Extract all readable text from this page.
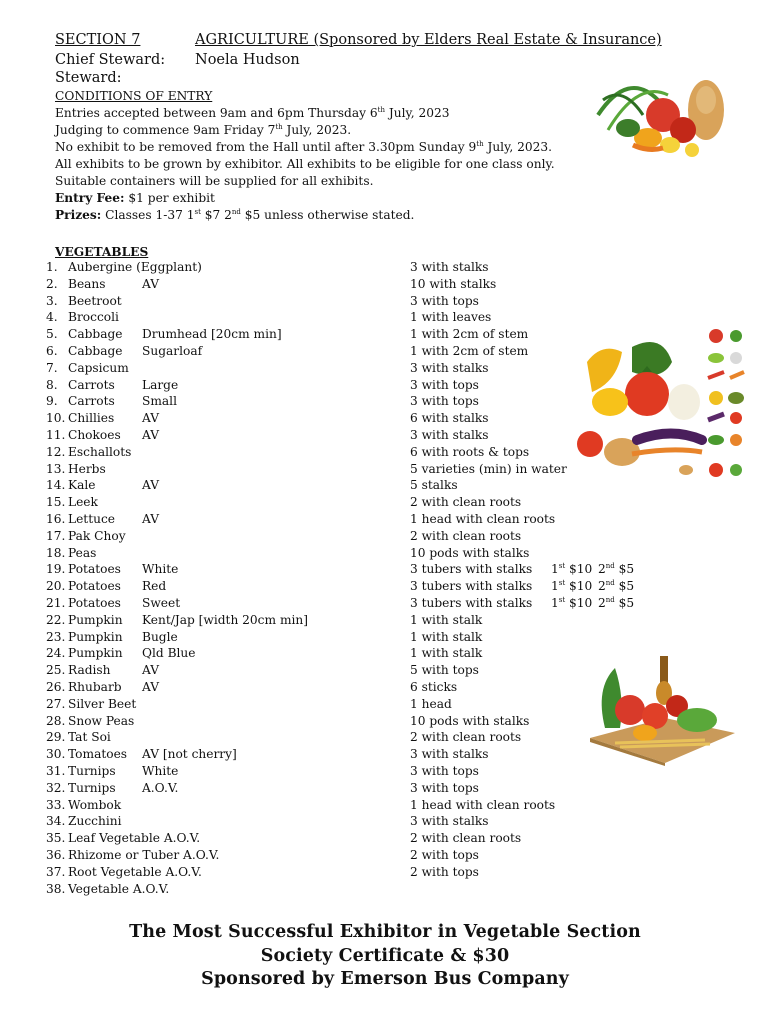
SECTION 7	AGRICULTURE (Sponsored by Elders Real Estate & Insurance)
Chief Steward: Noela Hudson
Steward:
CONDITIONS OF ENTRY
Entries accepted between 9am and 6pm Thursday 6th July, 2023
Judging to commence 9am Friday 7th July, 2023.
No exhibit to be removed from the Hall until after 3.30pm Sunday 9th July, 2023.
All exhibits to be grown by exhibitor. All exhibits to be eligible for one class only.
Suitable containers will be supplied for all exhibits.
Entry Fee: $1 per exhibit
Prizes: Classes 1-37 1st $7 2nd $5 unless otherwise stated.
VEGETABLES
1. Aubergine (Eggplant)	3 with stalks
2. Beans	AV	10 with stalks
3. Beetroot	3 with tops
4. Broccoli	1 with leaves
5. Cabbage Drumhead [20cm min]	1 with 2cm of stem
6. Cabbage Sugarloaf	1 with 2cm of stem
7. Capsicum	3 with stalks
8. Carrots Large	3 with tops
9. Carrots Small	3 with tops
10. Chillies AV	6 with stalks
11. Chokoes AV	3 with stalks
12. Eschallots	6 with roots & tops
13. Herbs	5 varieties (min) in water
14. Kale	AV	5 stalks
15. Leek	2 with clean roots
16. Lettuce AV	1 head with clean roots
17. Pak Choy	2 with clean roots
18. Peas	10 pods with stalks
19. Potatoes White	3 tubers with stalks 1st $10 2nd $5
20. Potatoes Red	3 tubers with stalks 1st $10 2nd $5
21. Potatoes Sweet	3 tubers with stalks 1st $10 2nd $5
22. Pumpkin Kent/Jap [width 20cm min]	1 with stalk
23. Pumpkin Bugle	1 with stalk
24. Pumpkin Qld Blue	1 with stalk
25. Radish	AV	5 with tops
26. Rhubarb AV	6 sticks
27. Silver Beet	1 head
28. Snow Peas	10 pods with stalks
29. Tat Soi	2 with clean roots
30. Tomatoes AV [not cherry]	3 with stalks
31. Turnips White	3 with tops
32. Turnips A.O.V.	3 with tops
33. Wombok	1 head with clean roots
34. Zucchini	3 with stalks
35. Leaf Vegetable A.O.V.	2 with clean roots
36. Rhizome or Tuber A.O.V.	2 with tops
37. Root Vegetable A.O.V.	2 with tops
38. Vegetable A.O.V.
The Most Successful Exhibitor in Vegetable Section
Society Certificate & $30
Sponsored by Emerson Bus Company
